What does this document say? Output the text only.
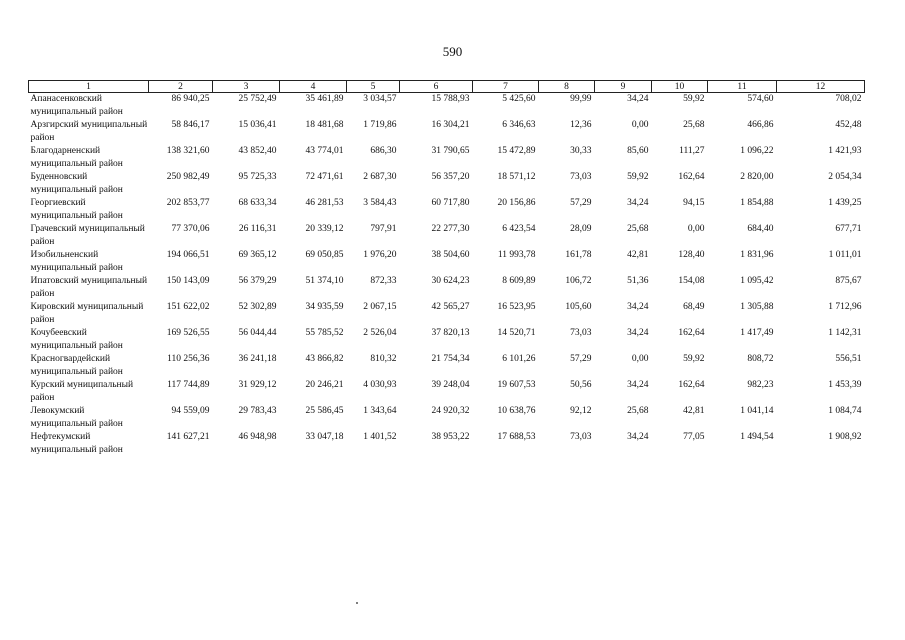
590
1	2	3	4	5	6	7	8	9	10	11	12
Апанасенковский муниципальный район	86 940,25	25 752,49	35 461,89	3 034,57	15 788,93	5 425,60	99,99	34,24	59,92	574,60	708,02
Арзгирский муниципальный район	58 846,17	15 036,41	18 481,68	1 719,86	16 304,21	6 346,63	12,36	0,00	25,68	466,86	452,48
Благодарненский муниципальный район	138 321,60	43 852,40	43 774,01	686,30	31 790,65	15 472,89	30,33	85,60	111,27	1 096,22	1 421,93
Буденновский муниципальный район	250 982,49	95 725,33	72 471,61	2 687,30	56 357,20	18 571,12	73,03	59,92	162,64	2 820,00	2 054,34
Георгиевский муниципальный район	202 853,77	68 633,34	46 281,53	3 584,43	60 717,80	20 156,86	57,29	34,24	94,15	1 854,88	1 439,25
Грачевский муниципальный район	77 370,06	26 116,31	20 339,12	797,91	22 277,30	6 423,54	28,09	25,68	0,00	684,40	677,71
Изобильненский муниципальный район	194 066,51	69 365,12	69 050,85	1 976,20	38 504,60	11 993,78	161,78	42,81	128,40	1 831,96	1 011,01
Ипатовский муниципальный район	150 143,09	56 379,29	51 374,10	872,33	30 624,23	8 609,89	106,72	51,36	154,08	1 095,42	875,67
Кировский муниципальный район	151 622,02	52 302,89	34 935,59	2 067,15	42 565,27	16 523,95	105,60	34,24	68,49	1 305,88	1 712,96
Кочубеевский муниципальный район	169 526,55	56 044,44	55 785,52	2 526,04	37 820,13	14 520,71	73,03	34,24	162,64	1 417,49	1 142,31
Красногвардейский муниципальный район	110 256,36	36 241,18	43 866,82	810,32	21 754,34	6 101,26	57,29	0,00	59,92	808,72	556,51
Курский муниципальный район	117 744,89	31 929,12	20 246,21	4 030,93	39 248,04	19 607,53	50,56	34,24	162,64	982,23	1 453,39
Левокумский муниципальный район	94 559,09	29 783,43	25 586,45	1 343,64	24 920,32	10 638,76	92,12	25,68	42,81	1 041,14	1 084,74
Нефтекумский муниципальный район	141 627,21	46 948,98	33 047,18	1 401,52	38 953,22	17 688,53	73,03	34,24	77,05	1 494,54	1 908,92
